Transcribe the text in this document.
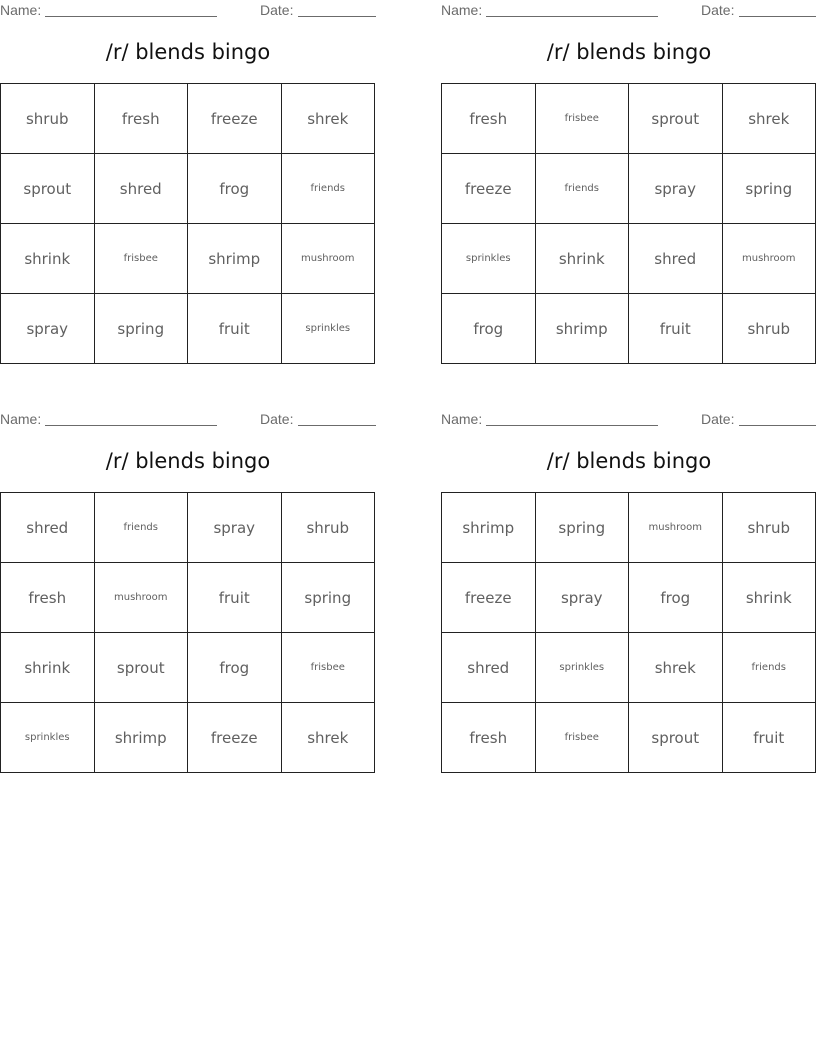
Name:	Date:
/r/ blends bingo
shrub	fresh	freeze	shrek
sprout	shred	frog	friends
shrink	frisbee	shrimp	mushroom
spray	spring	fruit	sprinkles
Name:	Date:
/r/ blends bingo
fresh	frisbee	sprout	shrek
freeze	friends	spray	spring
sprinkles	shrink	shred	mushroom
frog	shrimp	fruit	shrub
Name:	Date:
/r/ blends bingo
shred	friends	spray	shrub
fresh	mushroom	fruit	spring
shrink	sprout	frog	frisbee
sprinkles	shrimp	freeze	shrek
Name:	Date:
/r/ blends bingo
shrimp	spring	mushroom	shrub
freeze	spray	frog	shrink
shred	sprinkles	shrek	friends
fresh	frisbee	sprout	fruit
